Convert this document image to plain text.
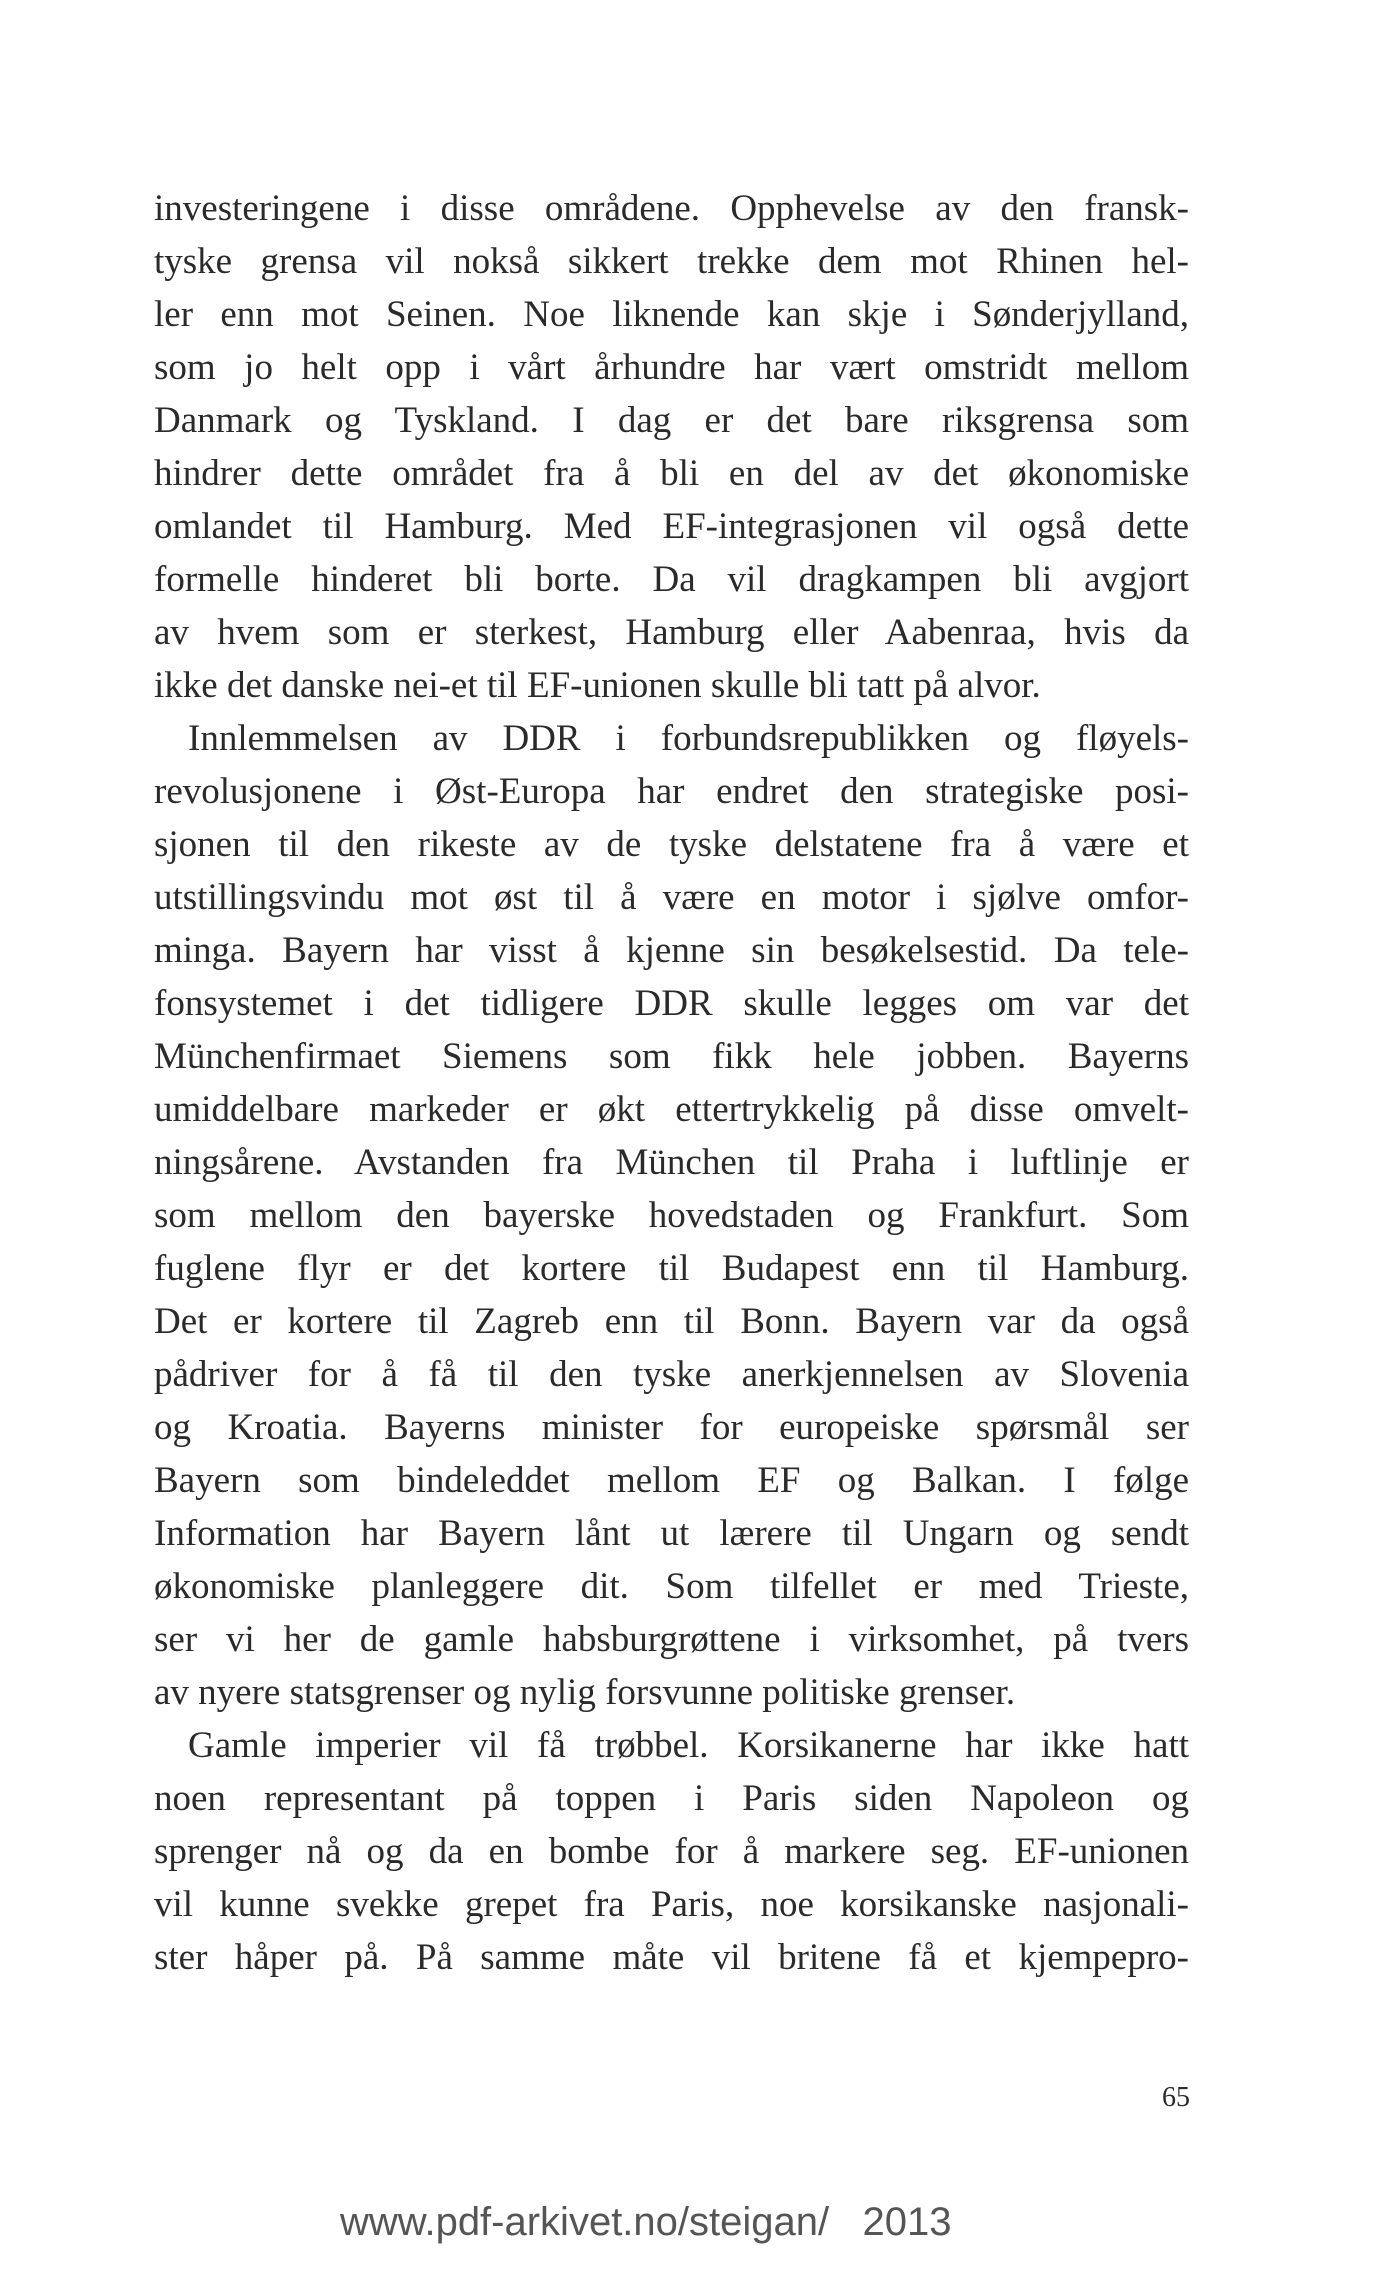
investeringene i disse områdene. Opphevelse av den fransk-
tyske grensa vil nokså sikkert trekke dem mot Rhinen hel-
ler enn mot Seinen. Noe liknende kan skje i Sønderjylland,
som jo helt opp i vårt århundre har vært omstridt mellom
Danmark og Tyskland. I dag er det bare riksgrensa som
hindrer dette området fra å bli en del av det økonomiske
omlandet til Hamburg. Med EF-integrasjonen vil også dette
formelle hinderet bli borte. Da vil dragkampen bli avgjort
av hvem som er sterkest, Hamburg eller Aabenraa, hvis da
ikke det danske nei-et til EF-unionen skulle bli tatt på alvor.
Innlemmelsen av DDR i forbundsrepublikken og fløyels-
revolusjonene i Øst-Europa har endret den strategiske posi-
sjonen til den rikeste av de tyske delstatene fra å være et
utstillingsvindu mot øst til å være en motor i sjølve omfor-
minga. Bayern har visst å kjenne sin besøkelsestid. Da tele-
fonsystemet i det tidligere DDR skulle legges om var det
Münchenfirmaet Siemens som fikk hele jobben. Bayerns
umiddelbare markeder er økt ettertrykkelig på disse omvelt-
ningsårene. Avstanden fra München til Praha i luftlinje er
som mellom den bayerske hovedstaden og Frankfurt. Som
fuglene flyr er det kortere til Budapest enn til Hamburg.
Det er kortere til Zagreb enn til Bonn. Bayern var da også
pådriver for å få til den tyske anerkjennelsen av Slovenia
og Kroatia. Bayerns minister for europeiske spørsmål ser
Bayern som bindeleddet mellom EF og Balkan. I følge
Information har Bayern lånt ut lærere til Ungarn og sendt
økonomiske planleggere dit. Som tilfellet er med Trieste,
ser vi her de gamle habsburgrøttene i virksomhet, på tvers
av nyere statsgrenser og nylig forsvunne politiske grenser.
Gamle imperier vil få trøbbel. Korsikanerne har ikke hatt
noen representant på toppen i Paris siden Napoleon og
sprenger nå og da en bombe for å markere seg. EF-unionen
vil kunne svekke grepet fra Paris, noe korsikanske nasjonali-
ster håper på. På samme måte vil britene få et kjempepro-
65
www.pdf-arkivet.no/steigan/ 2013
